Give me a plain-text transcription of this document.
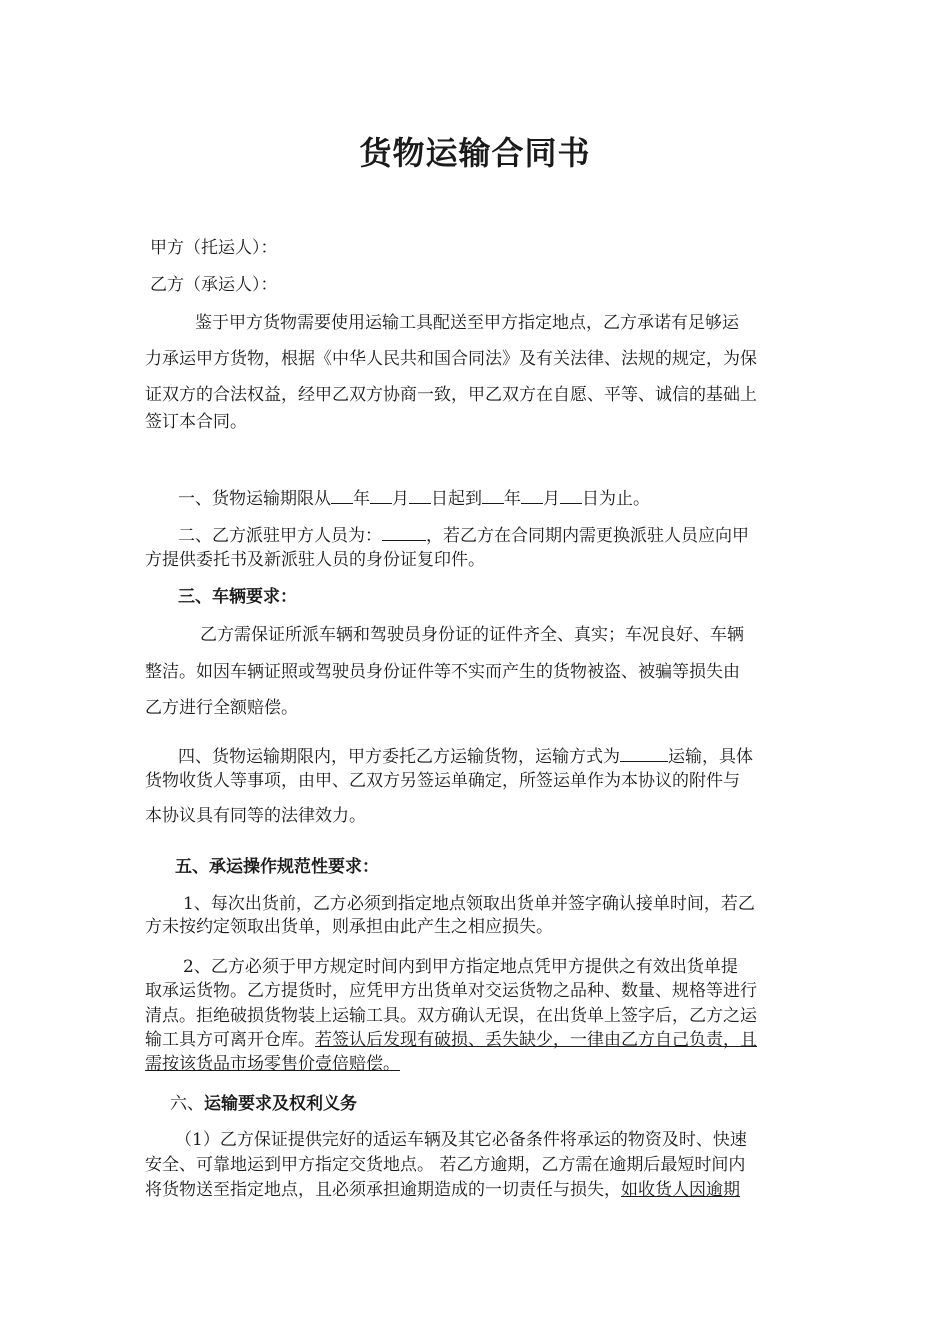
货物运输合同书
甲方（托运人）：
乙方（承运人）：
鉴于甲方货物需要使用运输工具配送至甲方指定地点，乙方承诺有足够运
力承运甲方货物，根据《中华人民共和国合同法》及有关法律、法规的规定，为保
证双方的合法权益，经甲乙双方协商一致，甲乙双方在自愿、平等、诚信的基础上
签订本合同。
一、货物运输期限从 年 月 日起到 年 月 日为止。
二、乙方派驻甲方人员为：	，若乙方在合同期内需更换派驻人员应向甲
方提供委托书及新派驻人员的身份证复印件。
三、车辆要求：
乙方需保证所派车辆和驾驶员身份证的证件齐全、真实；车况良好、车辆
整洁。如因车辆证照或驾驶员身份证件等不实而产生的货物被盗、被骗等损失由
乙方进行全额赔偿。
四、货物运输期限内，甲方委托乙方运输货物，运输方式为	运输，具体
货物收货人等事项，由甲、乙双方另签运单确定，所签运单作为本协议的附件与
本协议具有同等的法律效力。
五、承运操作规范性要求：
1、每次出货前，乙方必须到指定地点领取出货单并签字确认接单时间，若乙
方未按约定领取出货单，则承担由此产生之相应损失。
2、乙方必须于甲方规定时间内到甲方指定地点凭甲方提供之有效出货单提
取承运货物。乙方提货时，应凭甲方出货单对交运货物之品种、数量、规格等进行
清点。拒绝破损货物装上运输工具。双方确认无误，在出货单上签字后，乙方之运
输工具方可离开仓库。若签认后发现有破损、丢失缺少，一律由乙方自己负责，且
需按该货品市场零售价壹倍赔偿。
六、运输要求及权利义务
（1）乙方保证提供完好的适运车辆及其它必备条件将承运的物资及时、快速
安全、可靠地运到甲方指定交货地点。 若乙方逾期，乙方需在逾期后最短时间内
将货物送至指定地点，且必须承担逾期造成的一切责任与损失，如收货人因逾期
